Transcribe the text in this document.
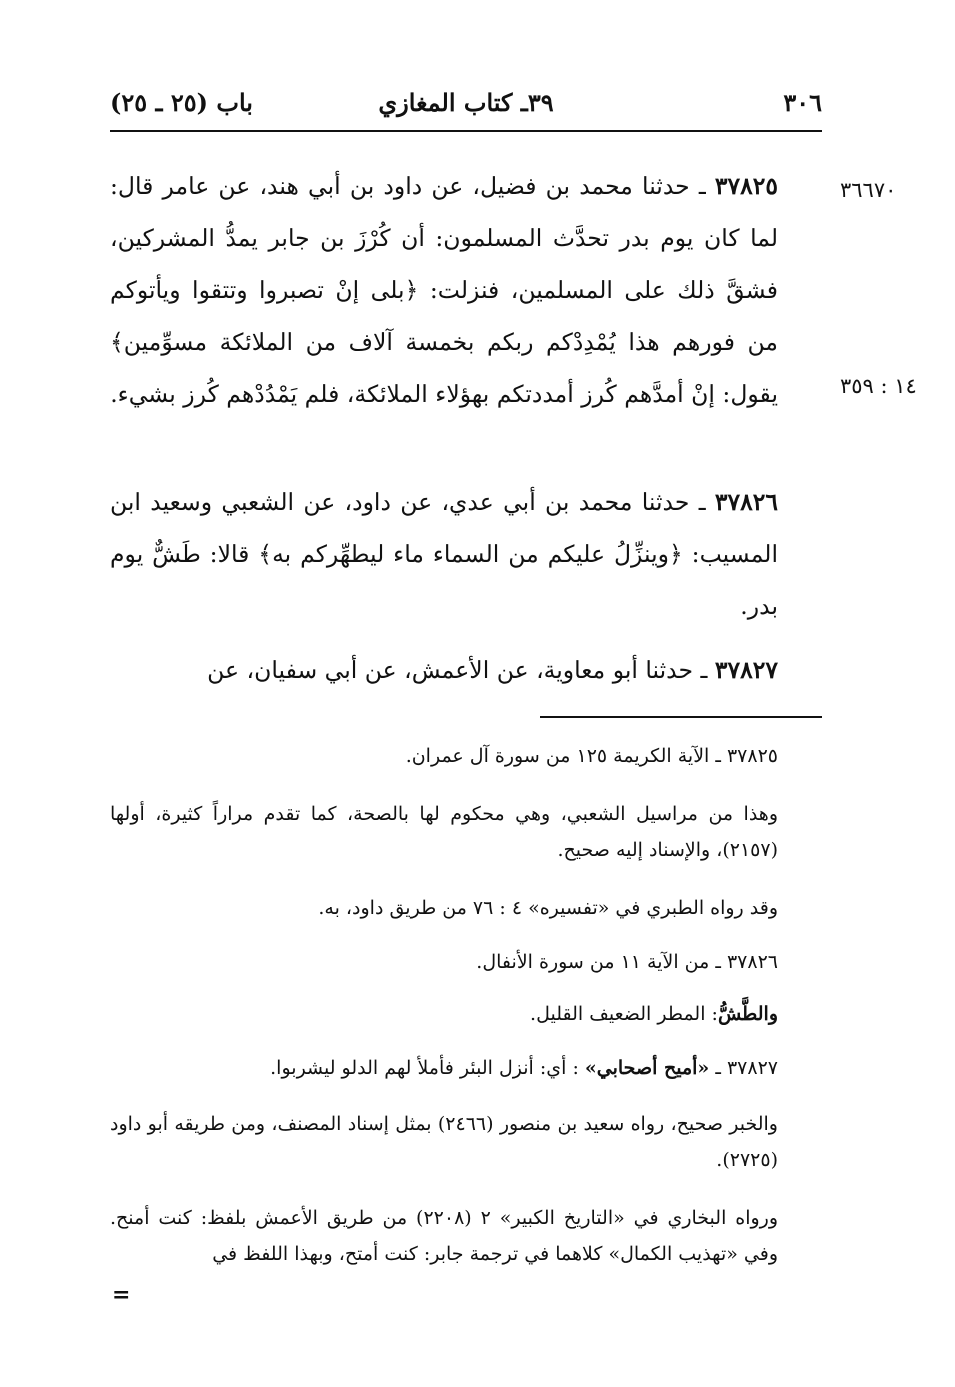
٣٠٦
٣٩ـ كتاب المغازي
باب (٢٥ ـ ٢٥)
٣٦٦٧٠
١٤ : ٣٥٩

٣٧٨٢٥ ـ حدثنا محمد بن فضيل، عن داود بن أبي هند، عن عامر قال: لما كان يوم بدر تحدَّث المسلمون: أن كُرْزَ بن جابر يمدُّ المشركين، فشقَّ ذلك على المسلمين، فنزلت: ﴿بلى إنْ تصبروا وتتقوا ويأتوكم من فورهم هذا يُمْدِدْكم ربكم بخمسة آلاف من الملائكة مسوِّمين﴾ يقول: إنْ أمدَّهم كُرز أمددتكم بهؤلاء الملائكة، فلم يَمْدُدْهم كُرز بشيء.

٣٧٨٢٦ ـ حدثنا محمد بن أبي عدي، عن داود، عن الشعبي وسعيد ابن المسيب: ﴿وينزِّلُ عليكم من السماء ماء ليطهِّركم به﴾ قالا: طَشٌّ يوم بدر.

٣٧٨٢٧ ـ حدثنا أبو معاوية، عن الأعمش، عن أبي سفيان، عن

٣٧٨٢٥ ـ الآية الكريمة ١٢٥ من سورة آل عمران.

وهذا من مراسيل الشعبي، وهي محكوم لها بالصحة، كما تقدم مراراً كثيرة، أولها (٢١٥٧)، والإسناد إليه صحيح.

وقد رواه الطبري في «تفسيره» ٤ : ٧٦ من طريق داود، به.

٣٧٨٢٦ ـ من الآية ١١ من سورة الأنفال.

والطَّشُّ: المطر الضعيف القليل.

٣٧٨٢٧ ـ «أميح أصحابي» : أي: أنزل البئر فأملأ لهم الدلو ليشربوا.

والخبر صحيح، رواه سعيد بن منصور (٢٤٦٦) بمثل إسناد المصنف، ومن طريقه أبو داود (٢٧٢٥).

ورواه البخاري في «التاريخ الكبير» ٢ (٢٢٠٨) من طريق الأعمش بلفظ: كنت أمنح. وفي «تهذيب الكمال» كلاهما في ترجمة جابر: كنت أمتح، وبهذا اللفظ في

=
